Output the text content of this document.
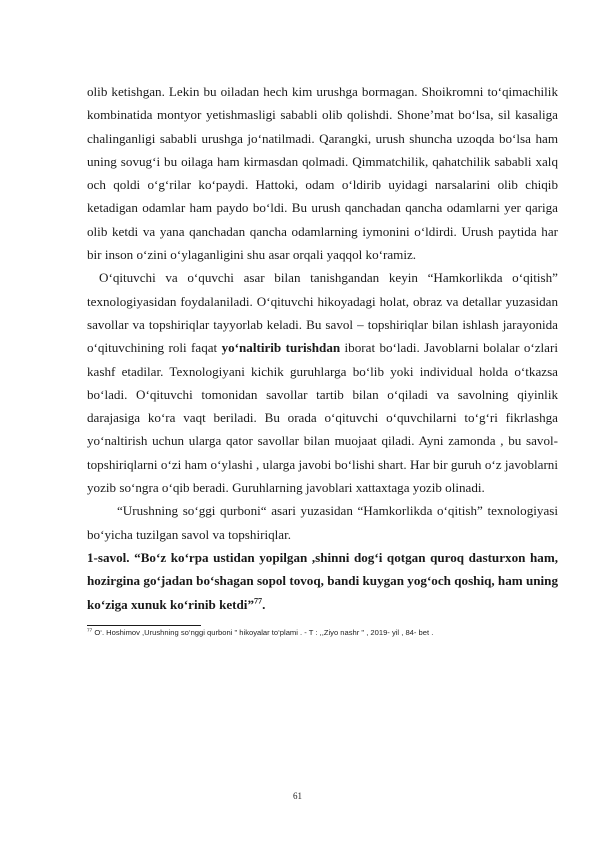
olib ketishgan. Lekin bu oiladan hech kim urushga bormagan. Shoikromni to‘qimachilik kombinatida montyor yetishmasligi sababli olib qolishdi. Shone’mat bo‘lsa, sil kasaliga chalinganligi sababli urushga jo‘natilmadi. Qarangki, urush shuncha uzoqda bo‘lsa ham uning sovug‘i bu oilaga ham kirmasdan qolmadi. Qimmatchilik, qahatchilik sababli xalq och qoldi o‘g‘rilar ko‘paydi. Hattoki, odam o‘ldirib uyidagi narsalarini olib chiqib ketadigan odamlar ham paydo bo‘ldi. Bu urush qanchadan qancha odamlarni yer qariga olib ketdi va yana qanchadan qancha odamlarning iymonini o‘ldirdi. Urush paytida har bir inson o‘zini o‘ylaganligini shu asar orqali yaqqol ko‘ramiz.

O‘qituvchi va o‘quvchi asar bilan tanishgandan keyin “Hamkorlikda o‘qitish” texnologiyasidan foydalaniladi. O‘qituvchi hikoyadagi holat, obraz va detallar yuzasidan savollar va topshiriqlar tayyorlab keladi. Bu savol – topshiriqlar bilan ishlash jarayonida o‘qituvchining roli faqat yo‘naltirib turishdan iborat bo‘ladi. Javoblarni bolalar o‘zlari kashf etadilar. Texnologiyani kichik guruhlarga bo‘lib yoki individual holda o‘tkazsa bo‘ladi. O‘qituvchi tomonidan savollar tartib bilan o‘qiladi va savolning qiyinlik darajasiga ko‘ra vaqt beriladi. Bu orada o‘qituvchi o‘quvchilarni to‘g‘ri fikrlashga yo‘naltirish uchun ularga qator savollar bilan muojaat qiladi. Ayni zamonda , bu savol-topshiriqlarni o‘zi ham o‘ylashi , ularga javobi bo‘lishi shart. Har bir guruh o‘z javoblarni yozib so‘ngra o‘qib beradi. Guruhlarning javoblari xattaxtaga yozib olinadi.

“Urushning so‘ggi qurboni“ asari yuzasidan “Hamkorlikda o‘qitish” texnologiyasi bo‘yicha tuzilgan savol va topshiriqlar.

1-savol. “Bo‘z ko‘rpa ustidan yopilgan ,shinni dog‘i qotgan quroq dasturxon ham, hozirgina go‘jadan bo‘shagan sopol tovoq, bandi kuygan yog‘och qoshiq, ham uning ko‘ziga xunuk ko‘rinib ketdi”$^{77}$.

$^{77}$ O‘. Hoshimov ,Urushning so‘nggi qurboni " hikoyalar to‘plami . - T : ,,Ziyo nashr " , 2019- yil , 84- bet .

61
